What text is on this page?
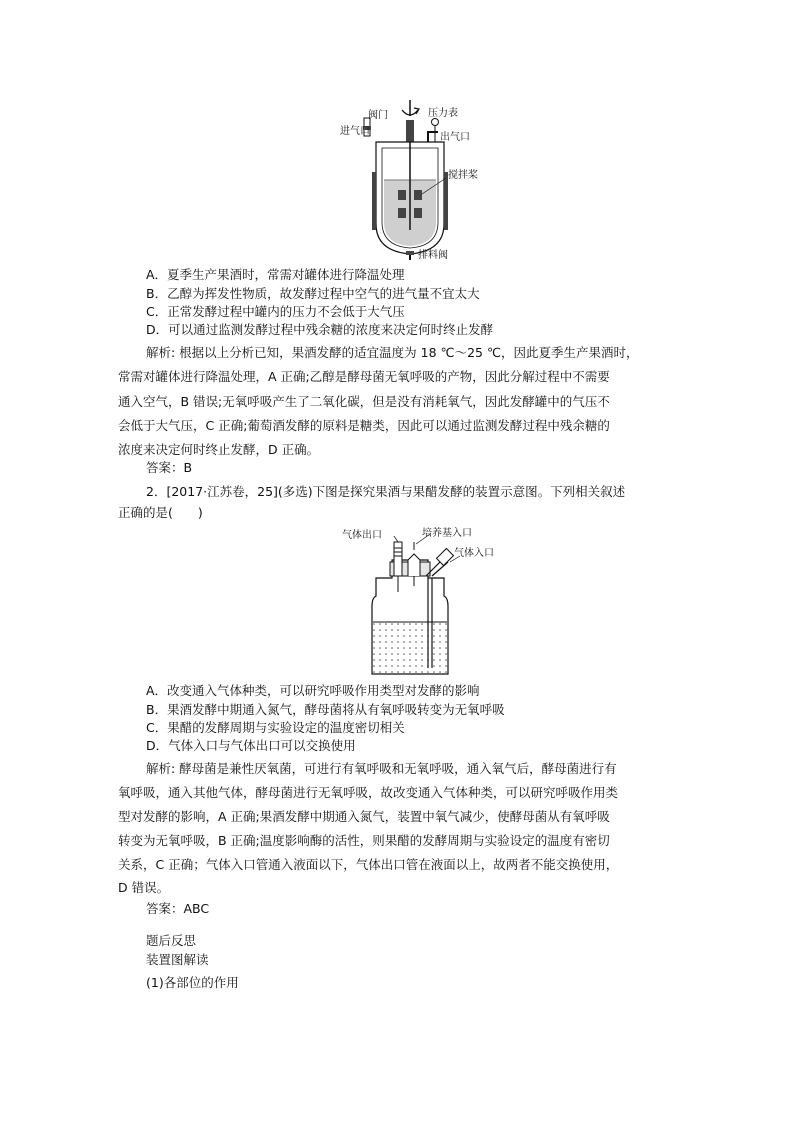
阀门
进气口
压力表
出气口
搅拌桨
排料阀
A．夏季生产果酒时，常需对罐体进行降温处理
B．乙醇为挥发性物质，故发酵过程中空气的进气量不宜太大
C．正常发酵过程中罐内的压力不会低于大气压
D．可以通过监测发酵过程中残余糖的浓度来决定何时终止发酵
解析: 根据以上分析已知，果酒发酵的适宜温度为 18 ℃～25 ℃，因此夏季生产果酒时，
常需对罐体进行降温处理，A 正确;乙醇是酵母菌无氧呼吸的产物，因此分解过程中不需要
通入空气，B 错误;无氧呼吸产生了二氧化碳，但是没有消耗氧气，因此发酵罐中的气压不
会低于大气压，C 正确;葡萄酒发酵的原料是糖类，因此可以通过监测发酵过程中残余糖的
浓度来决定何时终止发酵，D 正确。
答案：B
2．[2017·江苏卷，25](多选)下图是探究果酒与果醋发酵的装置示意图。下列相关叙述
正确的是(　　)
气体出口	培养基入口
气体入口
A．改变通入气体种类，可以研究呼吸作用类型对发酵的影响
B．果酒发酵中期通入氮气，酵母菌将从有氧呼吸转变为无氧呼吸
C．果醋的发酵周期与实验设定的温度密切相关
D．气体入口与气体出口可以交换使用
解析: 酵母菌是兼性厌氧菌，可进行有氧呼吸和无氧呼吸，通入氧气后，酵母菌进行有
氧呼吸，通入其他气体，酵母菌进行无氧呼吸，故改变通入气体种类，可以研究呼吸作用类
型对发酵的影响，A 正确;果酒发酵中期通入氮气，装置中氧气减少，使酵母菌从有氧呼吸
转变为无氧呼吸，B 正确;温度影响酶的活性，则果醋的发酵周期与实验设定的温度有密切
关系，C 正确；气体入口管通入液面以下，气体出口管在液面以上，故两者不能交换使用，
D 错误。
答案：ABC
题后反思
装置图解读
(1)各部位的作用
